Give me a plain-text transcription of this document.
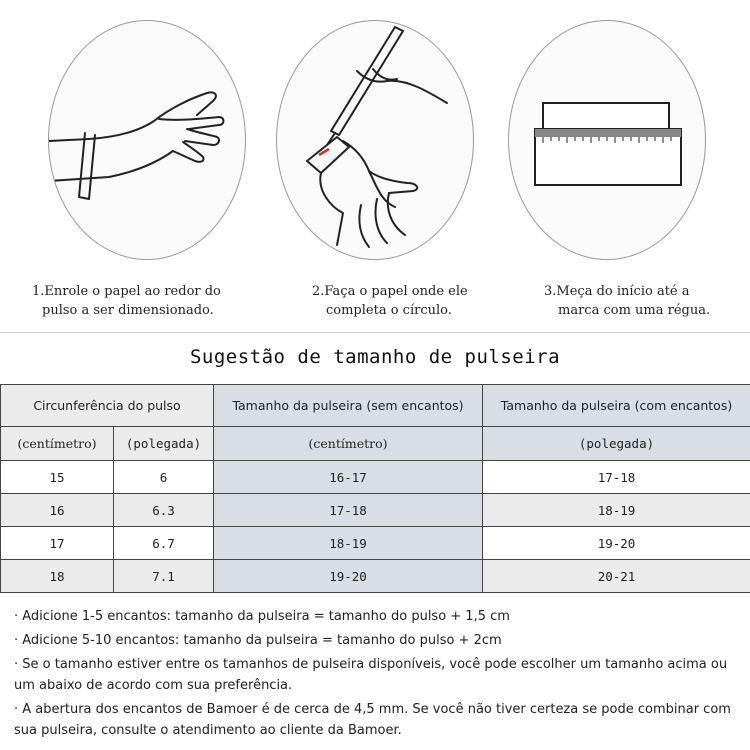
1.Enrole o papel ao redor do
pulso a ser dimensionado.
2.Faça o papel onde ele
completa o círculo.
3.Meça do início até a
marca com uma régua.
Sugestão de tamanho de pulseira
Circunferência do pulso		Tamanho da pulseira (sem encantos)	Tamanho da pulseira (com encantos)
(centímetro)	(polegada)	(centímetro)	(polegada)
15	6	16-17	17-18
16	6.3	17-18	18-19
17	6.7	18-19	19-20
18	7.1	19-20	20-21
· Adicione 1-5 encantos: tamanho da pulseira = tamanho do pulso + 1,5 cm
· Adicione 5-10 encantos: tamanho da pulseira = tamanho do pulso + 2cm
· Se o tamanho estiver entre os tamanhos de pulseira disponíveis, você pode escolher um tamanho acima ou um abaixo de acordo com sua preferência.
· A abertura dos encantos de Bamoer é de cerca de 4,5 mm. Se você não tiver certeza se pode combinar com sua pulseira, consulte o atendimento ao cliente da Bamoer.
